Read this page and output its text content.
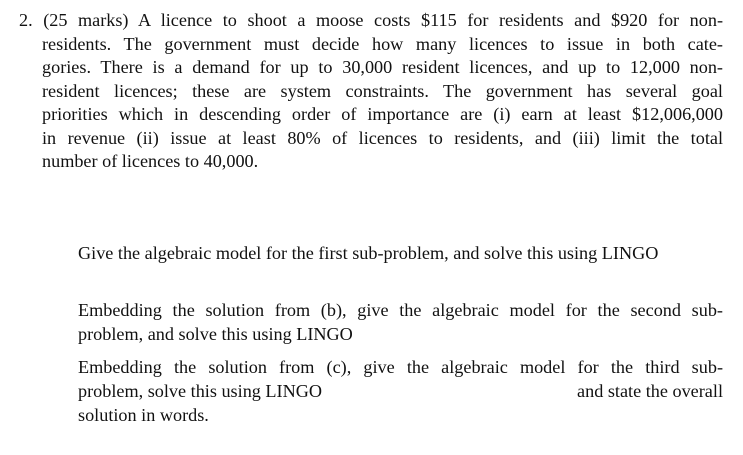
2. (25 marks) A licence to shoot a moose costs $115 for residents and $920 for non-
residents. The government must decide how many licences to issue in both cate-
gories. There is a demand for up to 30,000 resident licences, and up to 12,000 non-
resident licences; these are system constraints. The government has several goal
priorities which in descending order of importance are (i) earn at least $12,006,000
in revenue (ii) issue at least 80% of licences to residents, and (iii) limit the total
number of licences to 40,000.
Give the algebraic model for the first sub-problem, and solve this using LINGO
Embedding the solution from (b), give the algebraic model for the second sub-
problem, and solve this using LINGO
Embedding the solution from (c), give the algebraic model for the third sub-
problem, solve this using LINGO	and state the overall
solution in words.
